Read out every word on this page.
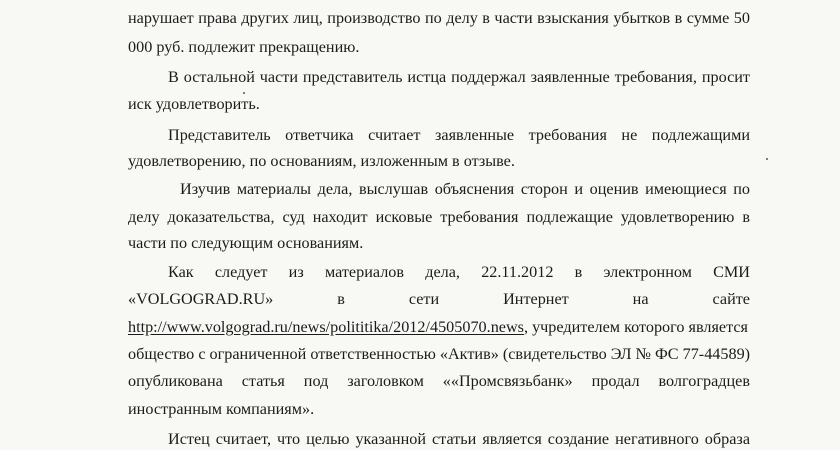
нарушает права других лиц, производство по делу в части взыскания убытков в сумме 50
000 руб. подлежит прекращению.
В остальной части представитель истца поддержал заявленные требования, просит
иск удовлетворить.
Представитель ответчика считает заявленные требования не подлежащими
удовлетворению, по основаниям, изложенным в отзыве.
Изучив материалы дела, выслушав объяснения сторон и оценив имеющиеся по
делу доказательства, суд находит исковые требования подлежащие удовлетворению в
части по следующим основаниям.
Как следует из материалов дела, 22.11.2012 в электронном СМИ
«VOLGOGRAD.RU» в сети Интернет на сайте
http://www.volgograd.ru/news/polititika/2012/4505070.news, учредителем которого является
общество с ограниченной ответственностью «Актив» (свидетельство ЭЛ № ФС 77-44589)
опубликована статья под заголовком ««Промсвязьбанк» продал волгоградцев
иностранным компаниям».
Истец считает, что целью указанной статьи является создание негативного образа
